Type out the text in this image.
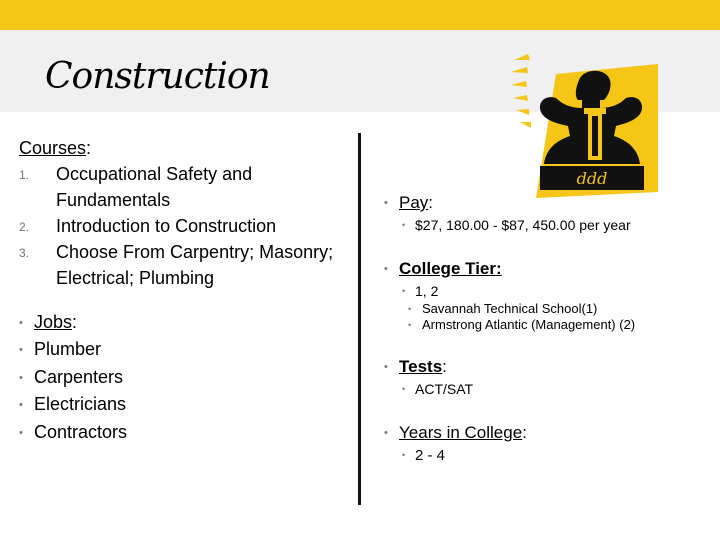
Construction
ddd
Courses:
1. Occupational Safety and Fundamentals
2. Introduction to Construction
3. Choose From Carpentry; Masonry; Electrical; Plumbing
• Jobs:
• Plumber
• Carpenters
• Electricians
• Contractors
• Pay:
• $27, 180.00 - $87, 450.00 per year
• College Tier:
• 1, 2
• Savannah Technical School(1)
• Armstrong Atlantic (Management) (2)
• Tests:
• ACT/SAT
• Years in College:
• 2 - 4
